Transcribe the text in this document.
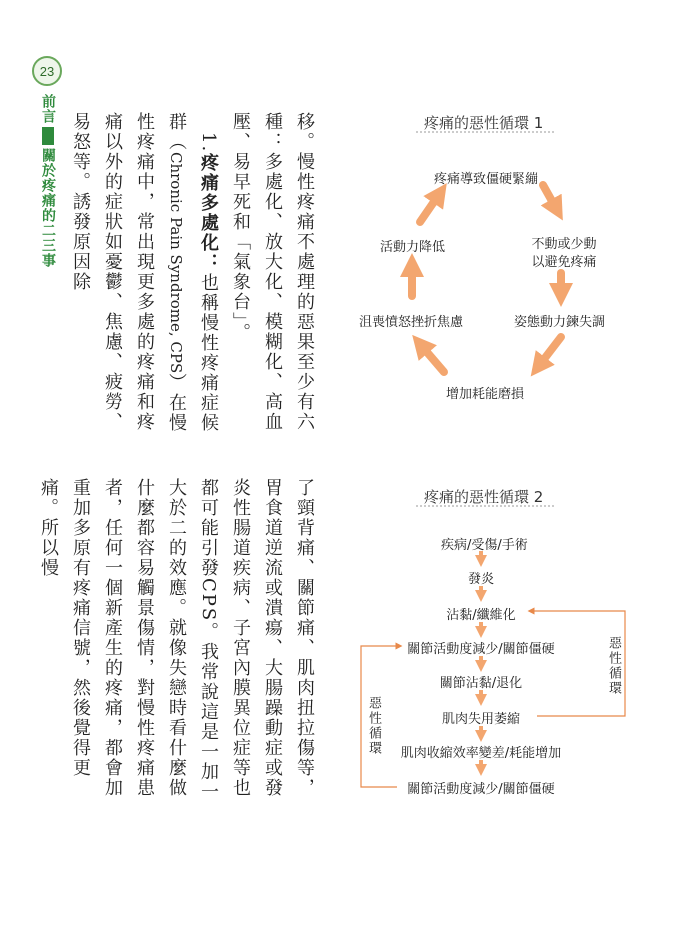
23
前言關於疼痛的二三事	移。慢性疼痛不處理的惡果至少有六種：多處化、放大化、模糊化、高血壓、易早死和「氣象台」。

　1.疼痛多處化：也稱慢性疼痛症候群（Chronic Pain Syndrome, CPS）在慢性疼痛中，常出現更多處的疼痛和疼痛以外的症狀如憂鬱、焦慮、疲勞、易怒等。誘發原因除

了頸背痛、關節痛、肌肉扭拉傷等，胃食道逆流或潰瘍、大腸躁動症或發炎性腸道疾病、子宮內膜異位症等也都可能引發CPS。我常說這是一加一大於二的效應。就像失戀時看什麼做什麼都容易觸景傷情，對慢性疼痛患者，任何一個新產生的疼痛，都會加重加多原有疼痛信號，然後覺得更痛。所以慢

疼痛的惡性循環 1
疼痛導致僵硬緊繃
不動或少動
以避免疼痛
姿態動力鍊失調
增加耗能磨損
沮喪憤怒挫折焦慮
活動力降低
疼痛的惡性循環 2
疾病/受傷/手術
發炎
沾黏/纖維化
關節活動度減少/關節僵硬
關節沾黏/退化
肌肉失用萎縮
肌肉收縮效率變差/耗能增加
關節活動度減少/關節僵硬
惡性循環
惡性循環
